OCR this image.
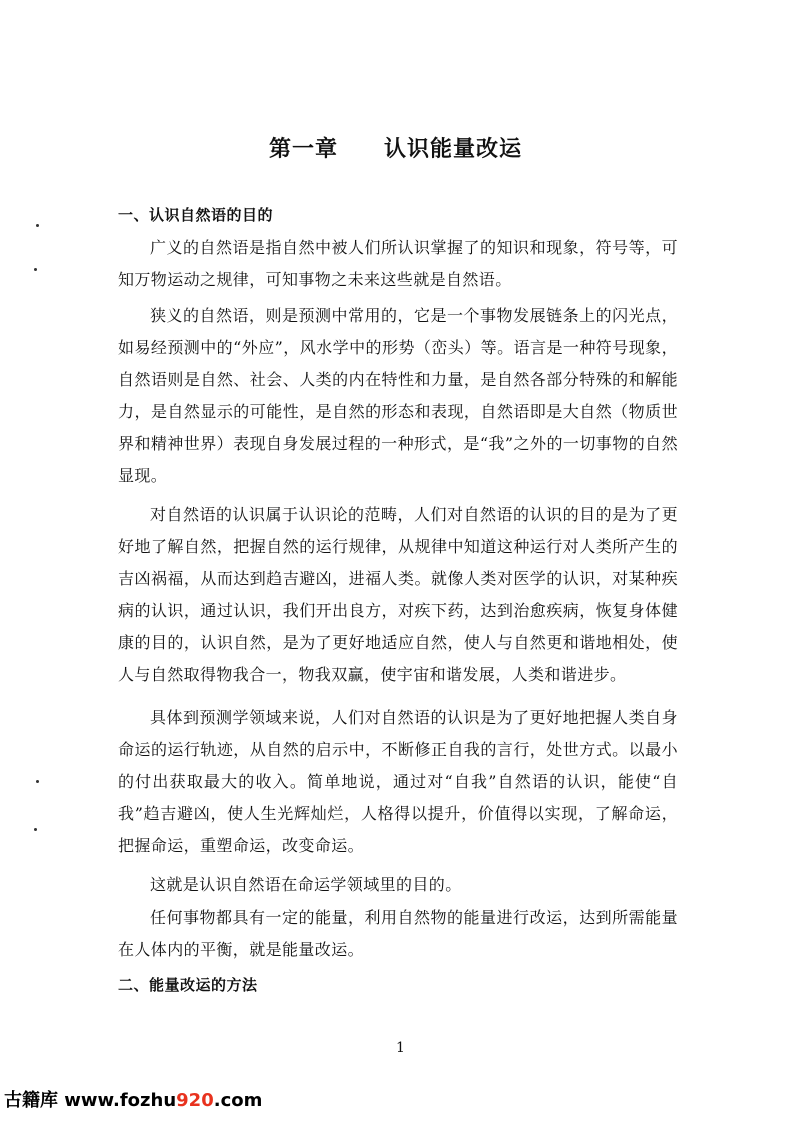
第一章 认识能量改运
一、认识自然语的目的

广义的自然语是指自然中被人们所认识掌握了的知识和现象，符号等，可知万物运动之规律，可知事物之未来这些就是自然语。

狭义的自然语，则是预测中常用的，它是一个事物发展链条上的闪光点，如易经预测中的“外应”，风水学中的形势（峦头）等。语言是一种符号现象，自然语则是自然、社会、人类的内在特性和力量，是自然各部分特殊的和解能力，是自然显示的可能性，是自然的形态和表现，自然语即是大自然（物质世界和精神世界）表现自身发展过程的一种形式，是“我”之外的一切事物的自然显现。

对自然语的认识属于认识论的范畴，人们对自然语的认识的目的是为了更好地了解自然，把握自然的运行规律，从规律中知道这种运行对人类所产生的吉凶祸福，从而达到趋吉避凶，进福人类。就像人类对医学的认识，对某种疾病的认识，通过认识，我们开出良方，对疾下药，达到治愈疾病，恢复身体健康的目的，认识自然，是为了更好地适应自然，使人与自然更和谐地相处，使人与自然取得物我合一，物我双赢，使宇宙和谐发展，人类和谐进步。

具体到预测学领域来说，人们对自然语的认识是为了更好地把握人类自身命运的运行轨迹，从自然的启示中，不断修正自我的言行，处世方式。以最小的付出获取最大的收入。简单地说，通过对“自我”自然语的认识，能使“自我”趋吉避凶，使人生光辉灿烂，人格得以提升，价值得以实现，了解命运，把握命运，重塑命运，改变命运。

这就是认识自然语在命运学领域里的目的。

任何事物都具有一定的能量，利用自然物的能量进行改运，达到所需能量在人体内的平衡，就是能量改运。

二、能量改运的方法
1
古籍库 www.fozhu920.com
